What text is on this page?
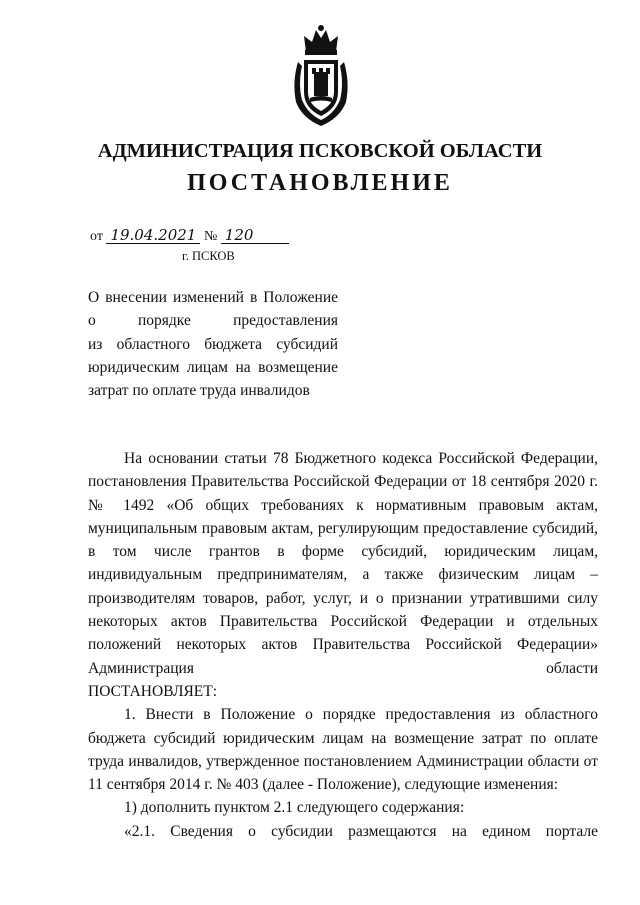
АДМИНИСТРАЦИЯ ПСКОВСКОЙ ОБЛАСТИ
ПОСТАНОВЛЕНИЕ
от 19.04.2021 № 120
г. ПСКОВ
О внесении изменений в Положение
о порядке предоставления
из областного бюджета субсидий
юридическим лицам на возмещение
затрат по оплате труда инвалидов

На основании статьи 78 Бюджетного кодекса Российской Федерации, постановления Правительства Российской Федерации от 18 сентября 2020 г. № 1492 «Об общих требованиях к нормативным правовым актам, муниципальным правовым актам, регулирующим предоставление субсидий, в том числе грантов в форме субсидий, юридическим лицам, индивидуальным предпринимателям, а также физическим лицам – производителям товаров, работ, услуг, и о признании утратившими силу некоторых актов Правительства Российской Федерации и отдельных положений некоторых актов Правительства Российской Федерации» Администрация области

ПОСТАНОВЛЯЕТ:

1. Внести в Положение о порядке предоставления из областного бюджета субсидий юридическим лицам на возмещение затрат по оплате труда инвалидов, утвержденное постановлением Администрации области от 11 сентября 2014 г. № 403 (далее - Положение), следующие изменения:

1) дополнить пунктом 2.1 следующего содержания:

«2.1. Сведения о субсидии размещаются на едином портале
